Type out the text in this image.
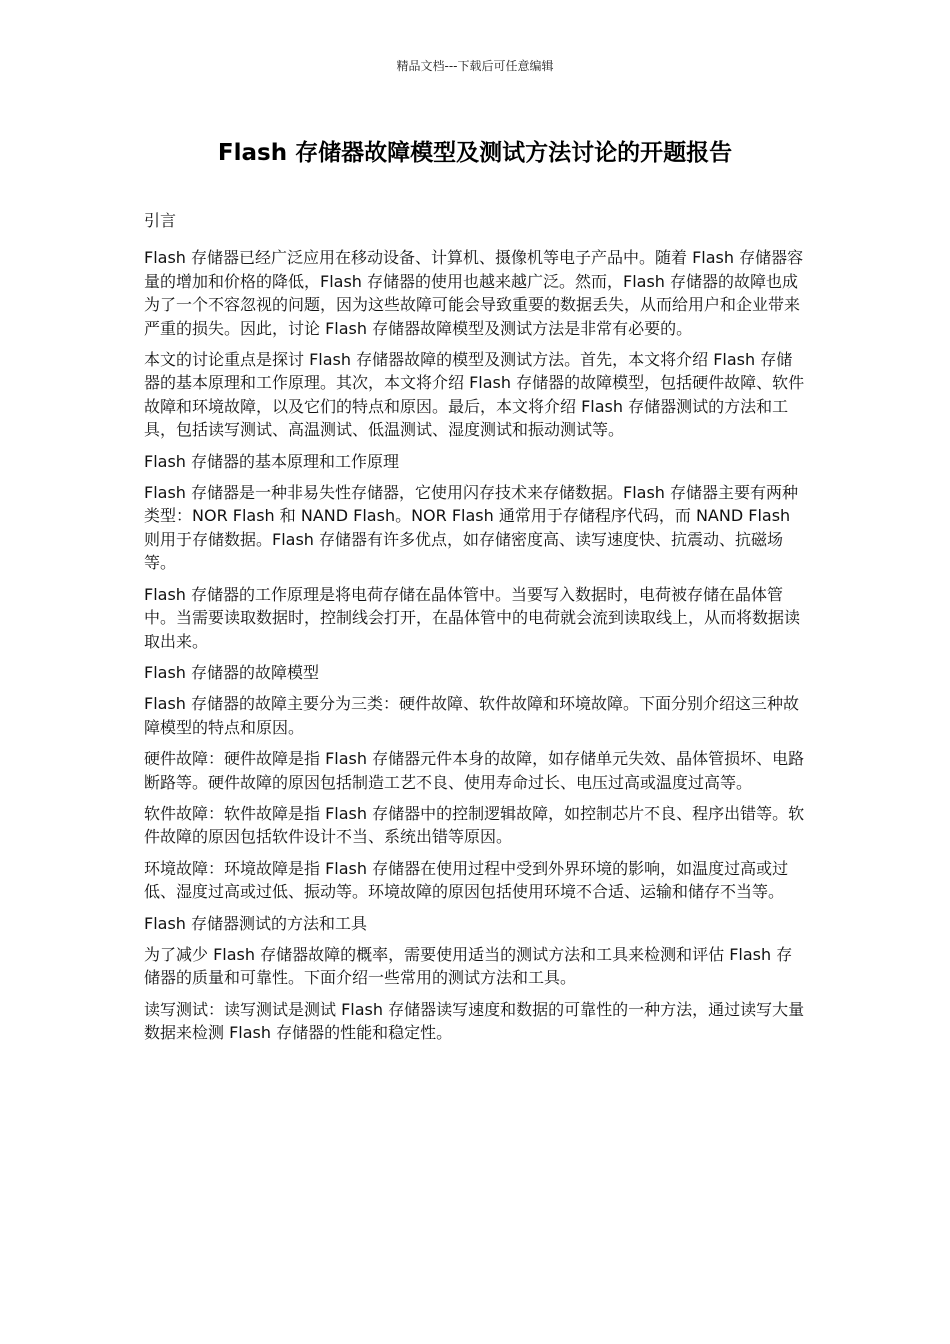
精品文档---下载后可任意编辑
Flash 存储器故障模型及测试方法讨论的开题报告

引言

Flash 存储器已经广泛应用在移动设备、计算机、摄像机等电子产品中。随着 Flash 存储器容量的增加和价格的降低，Flash 存储器的使用也越来越广泛。然而，Flash 存储器的故障也成为了一个不容忽视的问题，因为这些故障可能会导致重要的数据丢失，从而给用户和企业带来严重的损失。因此，讨论 Flash 存储器故障模型及测试方法是非常有必要的。

本文的讨论重点是探讨 Flash 存储器故障的模型及测试方法。首先，本文将介绍 Flash 存储器的基本原理和工作原理。其次，本文将介绍 Flash 存储器的故障模型，包括硬件故障、软件故障和环境故障，以及它们的特点和原因。最后，本文将介绍 Flash 存储器测试的方法和工具，包括读写测试、高温测试、低温测试、湿度测试和振动测试等。

Flash 存储器的基本原理和工作原理

Flash 存储器是一种非易失性存储器，它使用闪存技术来存储数据。Flash 存储器主要有两种类型：NOR Flash 和 NAND Flash。NOR Flash 通常用于存储程序代码，而 NAND Flash 则用于存储数据。Flash 存储器有许多优点，如存储密度高、读写速度快、抗震动、抗磁场等。

Flash 存储器的工作原理是将电荷存储在晶体管中。当要写入数据时，电荷被存储在晶体管中。当需要读取数据时，控制线会打开，在晶体管中的电荷就会流到读取线上，从而将数据读取出来。

Flash 存储器的故障模型

Flash 存储器的故障主要分为三类：硬件故障、软件故障和环境故障。下面分别介绍这三种故障模型的特点和原因。

硬件故障：硬件故障是指 Flash 存储器元件本身的故障，如存储单元失效、晶体管损坏、电路断路等。硬件故障的原因包括制造工艺不良、使用寿命过长、电压过高或温度过高等。

软件故障：软件故障是指 Flash 存储器中的控制逻辑故障，如控制芯片不良、程序出错等。软件故障的原因包括软件设计不当、系统出错等原因。

环境故障：环境故障是指 Flash 存储器在使用过程中受到外界环境的影响，如温度过高或过低、湿度过高或过低、振动等。环境故障的原因包括使用环境不合适、运输和储存不当等。

Flash 存储器测试的方法和工具

为了减少 Flash 存储器故障的概率，需要使用适当的测试方法和工具来检测和评估 Flash 存储器的质量和可靠性。下面介绍一些常用的测试方法和工具。

读写测试：读写测试是测试 Flash 存储器读写速度和数据的可靠性的一种方法，通过读写大量数据来检测 Flash 存储器的性能和稳定性。
